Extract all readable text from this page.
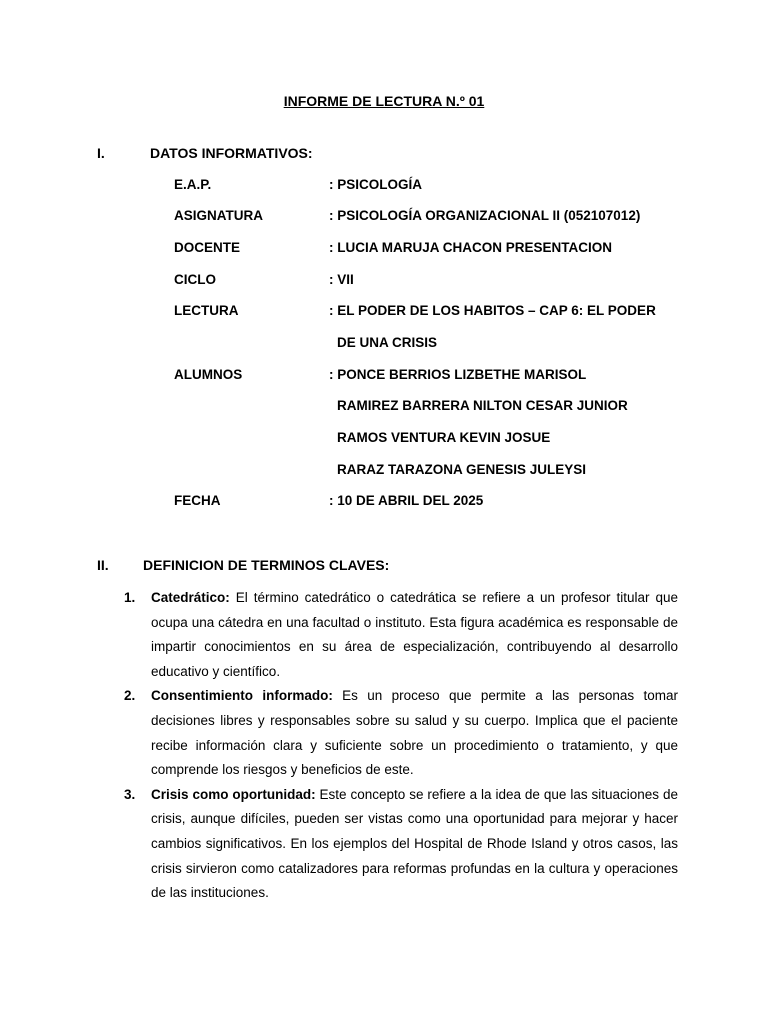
INFORME DE LECTURA N.º 01
I.	DATOS INFORMATIVOS:
E.A.P.	: PSICOLOGÍA
ASIGNATURA	: PSICOLOGÍA ORGANIZACIONAL II (052107012)
DOCENTE	: LUCIA MARUJA CHACON PRESENTACION
CICLO	: VII
LECTURA	: EL PODER DE LOS HABITOS – CAP 6: EL PODER
DE UNA CRISIS
ALUMNOS	: PONCE BERRIOS LIZBETHE MARISOL
RAMIREZ BARRERA NILTON CESAR JUNIOR
RAMOS VENTURA KEVIN JOSUE
RARAZ TARAZONA GENESIS JULEYSI
FECHA	: 10 DE ABRIL DEL 2025
II. DEFINICION DE TERMINOS CLAVES:
1. Catedrático: El término catedrático o catedrática se refiere a un profesor titular que ocupa una cátedra en una facultad o instituto. Esta figura académica es responsable de impartir conocimientos en su área de especialización, contribuyendo al desarrollo educativo y científico.
2. Consentimiento informado: Es un proceso que permite a las personas tomar decisiones libres y responsables sobre su salud y su cuerpo. Implica que el paciente recibe información clara y suficiente sobre un procedimiento o tratamiento, y que comprende los riesgos y beneficios de este.
3. Crisis como oportunidad: Este concepto se refiere a la idea de que las situaciones de crisis, aunque difíciles, pueden ser vistas como una oportunidad para mejorar y hacer cambios significativos. En los ejemplos del Hospital de Rhode Island y otros casos, las crisis sirvieron como catalizadores para reformas profundas en la cultura y operaciones de las instituciones.
